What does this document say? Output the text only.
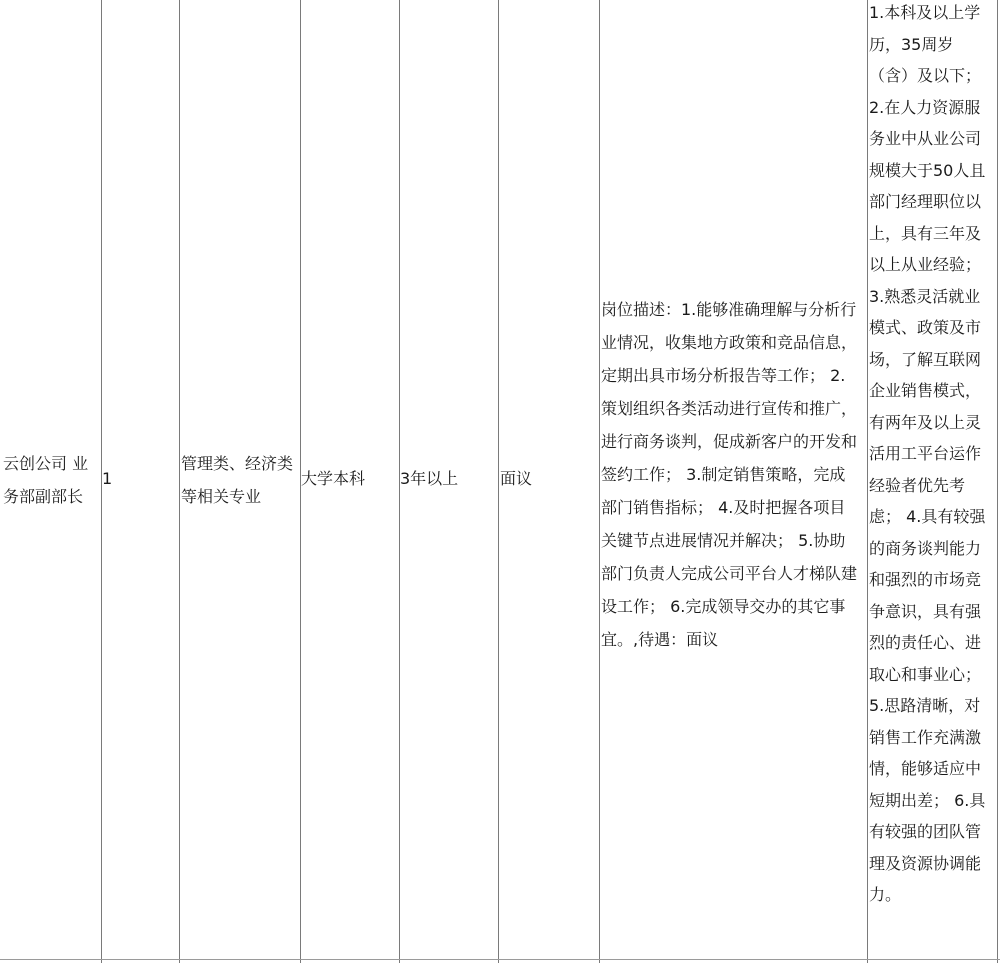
云创公司 业
务部副部长
1
管理类、经济类
等相关专业
大学本科 3年以上	面议
岗位描述：1.能够准确理解与分析行
业情况，收集地方政策和竞品信息，
定期出具市场分析报告等工作； 2.
策划组织各类活动进行宣传和推广，
进行商务谈判，促成新客户的开发和
签约工作； 3.制定销售策略，完成
部门销售指标； 4.及时把握各项目
关键节点进展情况并解决； 5.协助
部门负责人完成公司平台人才梯队建
设工作； 6.完成领导交办的其它事
宜。,待遇：面议
1.本科及以上学
历，35周岁
（含）及以下；
2.在人力资源服
务业中从业公司
规模大于50人且
部门经理职位以
上，具有三年及
以上从业经验；
3.熟悉灵活就业
模式、政策及市
场，了解互联网
企业销售模式，
有两年及以上灵
活用工平台运作
经验者优先考
虑； 4.具有较强
的商务谈判能力
和强烈的市场竞
争意识，具有强
烈的责任心、进
取心和事业心；
5.思路清晰，对
销售工作充满激
情，能够适应中
短期出差； 6.具
有较强的团队管
理及资源协调能
力。
